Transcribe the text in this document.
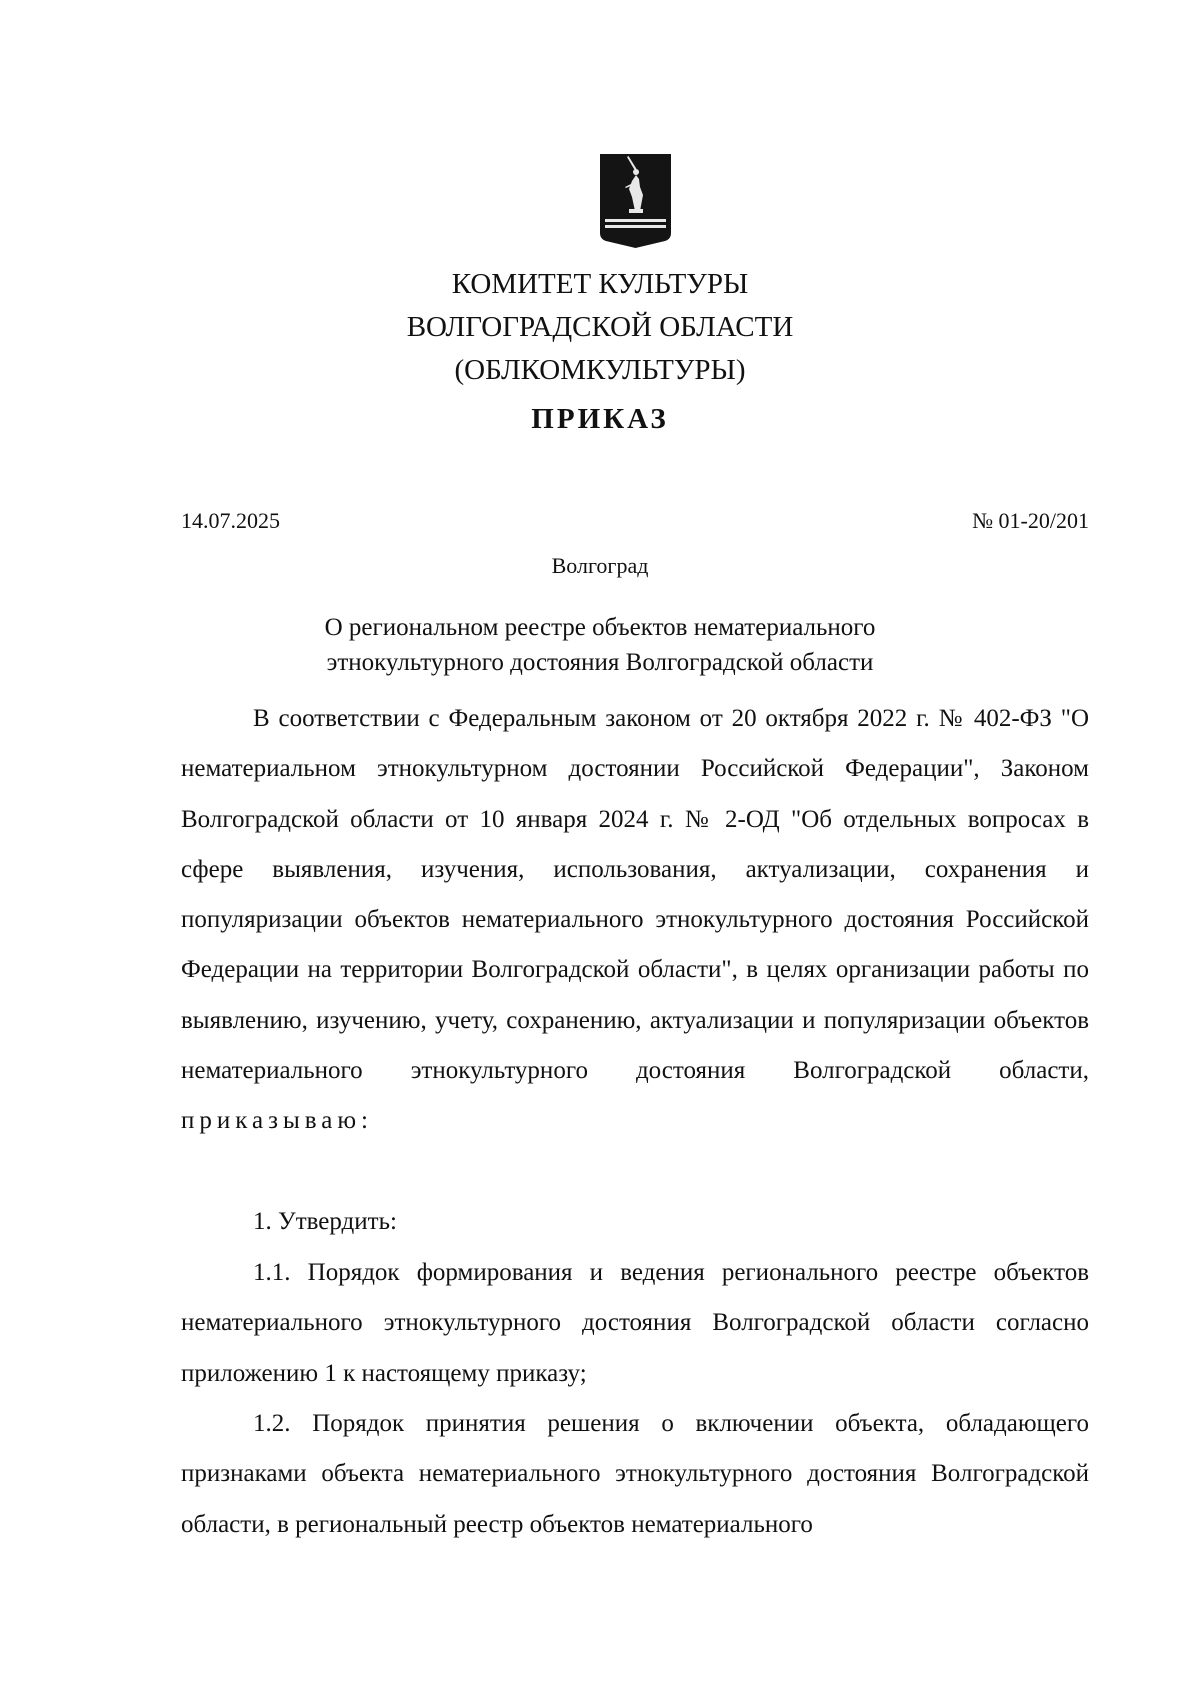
КОМИТЕТ КУЛЬТУРЫ
ВОЛГОГРАДСКОЙ ОБЛАСТИ
(ОБЛКОМКУЛЬТУРЫ)
ПРИКАЗ
14.07.2025	№ 01-20/201
Волгоград
О региональном реестре объектов нематериального
этнокультурного достояния Волгоградской области

В соответствии с Федеральным законом от 20 октября 2022 г. № 402-ФЗ "О нематериальном этнокультурном достоянии Российской Федерации", Законом Волгоградской области от 10 января 2024 г. № 2-ОД "Об отдельных вопросах в сфере выявления, изучения, использования, актуализации, сохранения и популяризации объектов нематериального этнокультурного достояния Российской Федерации на территории Волгоградской области", в целях организации работы по выявлению, изучению, учету, сохранению, актуализации и популяризации объектов нематериального этнокультурного достояния Волгоградской области, приказываю:

1. Утвердить:

1.1. Порядок формирования и ведения регионального реестре объектов нематериального этнокультурного достояния Волгоградской области согласно приложению 1 к настоящему приказу;

1.2. Порядок принятия решения о включении объекта, обладающего признаками объекта нематериального этнокультурного достояния Волгоградской области, в региональный реестр объектов нематериального
